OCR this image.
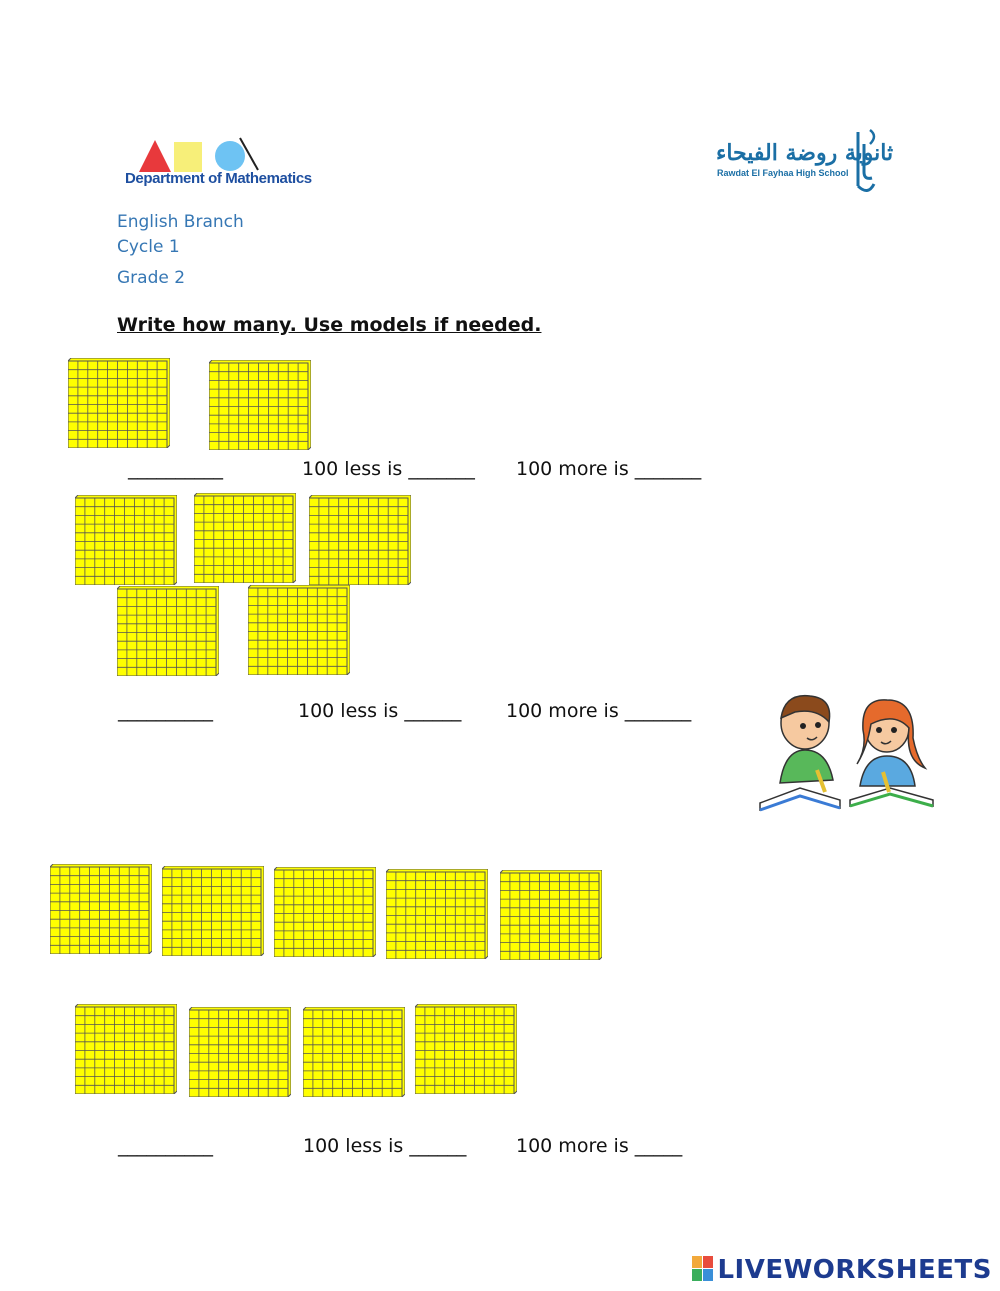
Department of Mathematics
ثانوية روضة الفيحاء
Rawdat El Fayhaa High School
English Branch
Cycle 1
Grade 2
Write how many. Use models if needed.
__________	100 less is _______ 100 more is _______
__________	100 less is ______ 100 more is _______
__________	100 less is ______	100 more is _____
LIVEWORKSHEETS
